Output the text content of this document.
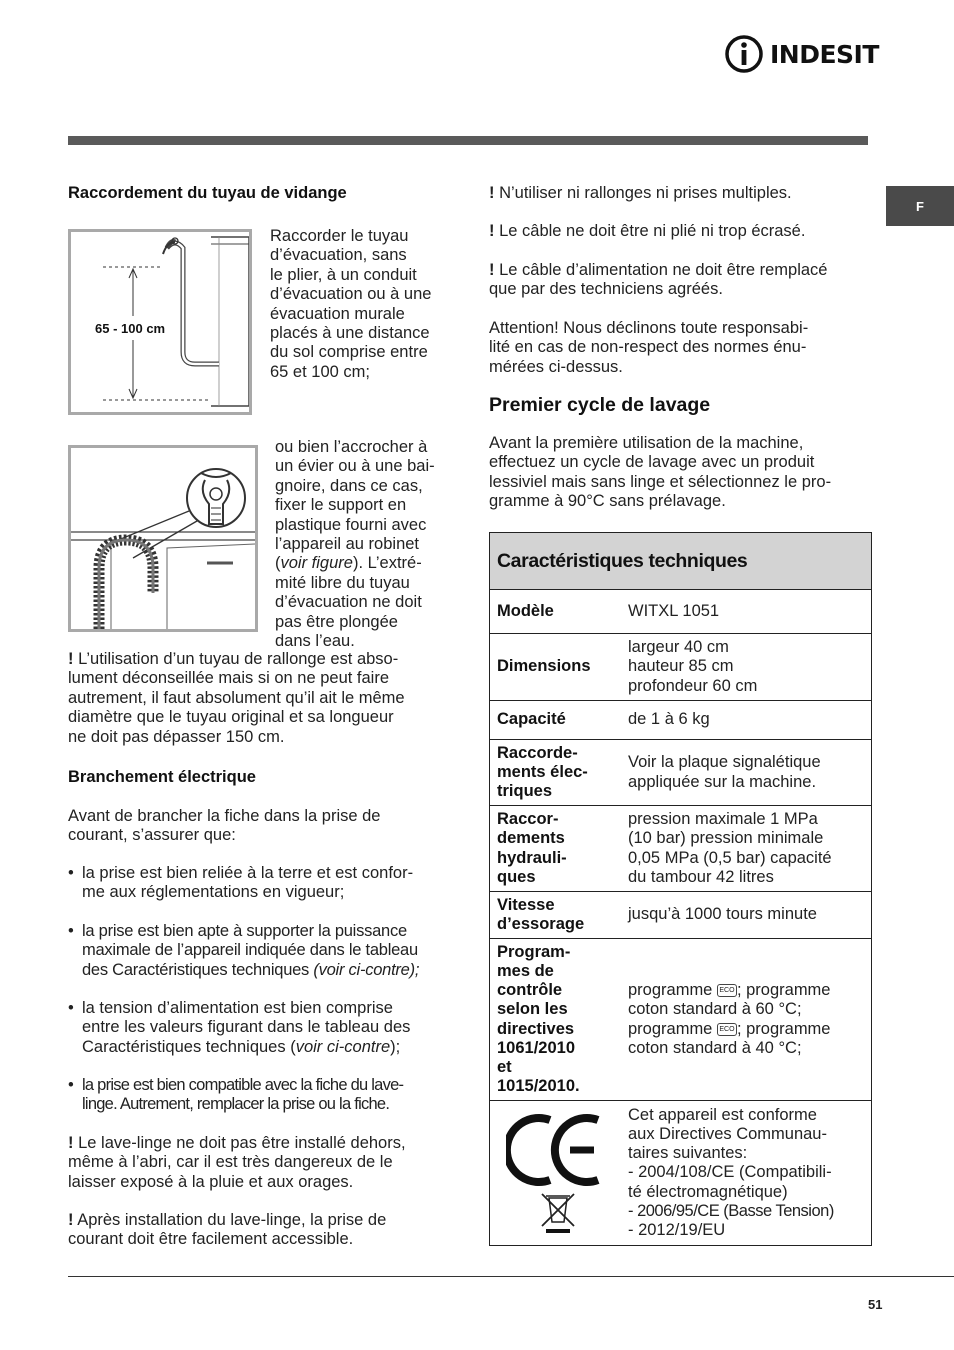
INDESIT
F
Raccordement du tuyau de vidange
65 - 100 cm
Raccorder le tuyau
d’évacuation, sans
le plier, à un conduit
d’évacuation ou à une
évacuation murale
placés à une distance
du sol comprise entre
65 et 100 cm;
ou bien l’accrocher à
un évier ou à une bai-
gnoire, dans ce cas,
fixer le support en
plastique fourni avec
l’appareil au robinet
(voir figure). L’extré-
mité libre du tuyau
d’évacuation ne doit
pas être plongée
dans l’eau.
! L’utilisation d’un tuyau de rallonge est abso-
lument déconseillée mais si on ne peut faire
autrement, il faut absolument qu’il ait le même
diamètre que le tuyau original et sa longueur
ne doit pas dépasser 150 cm.
Branchement électrique
Avant de brancher la fiche dans la prise de
courant, s’assurer que:
• la prise est bien reliée à la terre et est confor-
me aux réglementations en vigueur;
• la prise est bien apte à supporter la puissance
maximale de l’appareil indiquée dans le tableau
des Caractéristiques techniques (voir ci-contre);
• la tension d’alimentation est bien comprise
entre les valeurs figurant dans le tableau des
Caractéristiques techniques (voir ci-contre);
• la prise est bien compatible avec la fiche du lave-
linge. Autrement, remplacer la prise ou la fiche.
! Le lave-linge ne doit pas être installé dehors,
même à l’abri, car il est très dangereux de le
laisser exposé à la pluie et aux orages.
! Après installation du lave-linge, la prise de
courant doit être facilement accessible.
! N’utiliser ni rallonges ni prises multiples.
! Le câble ne doit être ni plié ni trop écrasé.
! Le câble d’alimentation ne doit être remplacé
que par des techniciens agréés.
Attention! Nous déclinons toute responsabi-
lité en cas de non-respect des normes énu-
mérées ci-dessus.
Premier cycle de lavage
Avant la première utilisation de la machine,
effectuez un cycle de lavage avec un produit
lessiviel mais sans linge et sélectionnez le pro-
gramme à 90°C sans prélavage.
Caractéristiques techniques
Modèle	WITXL 1051
Dimensions
largeur 40 cm
hauteur 85 cm
profondeur 60 cm
Capacité	de 1 à 6 kg
Raccorde-
ments élec-
triques
Voir la plaque signalétique
appliquée sur la machine.
Raccor-
dements
hydrauli-
ques
pression maximale 1 MPa
(10 bar) pression minimale
0,05 MPa (0,5 bar) capacité
du tambour 42 litres
Vitesse
d’essorage
jusqu’à 1000 tours minute
Program-
mes de
contrôle
selon les
directives
1061/2010
et
1015/2010.
programme ECO ; programme
coton standard à 60 °C;
programme ECO ; programme
coton standard à 40 °C;
Cet appareil est conforme
aux Directives Communau-
taires suivantes:
- 2004/108/CE (Compatibili-
té électromagnétique)
- 2006/95/CE (Basse Tension)
- 2012/19/EU
51
